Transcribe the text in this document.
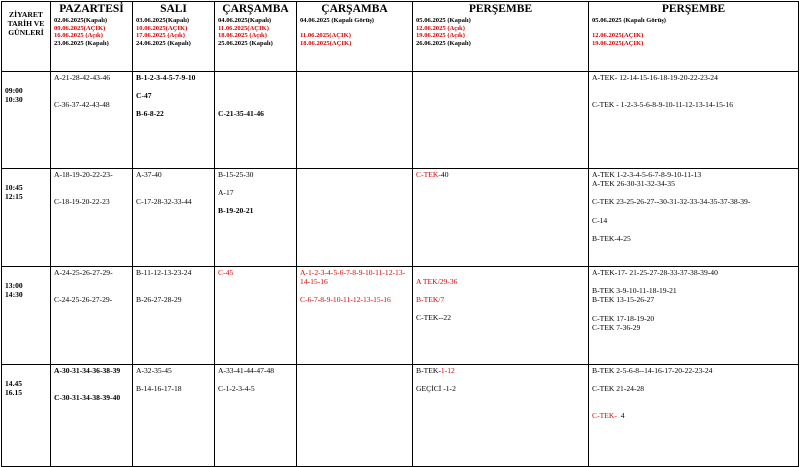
ZİYARET TARİH VE GÜNLERİ	PAZARTESİ
02.06.2025(Kapalı)
09.06.2025(AÇIK)
16.06.2025 (Açık)
23.06.2025 (Kapalı)	SALI
03.06.2025(Kapalı)
10.06.2025(AÇIK)
17.06.2025 (Açık)
24.06.2025 (Kapalı)	ÇARŞAMBA
04.06.2025(Kapalı)
11.06.2025(AÇIK)
18.06.2025 (Açık)
25.06.2025 (Kapalı)	ÇARŞAMBA
04.06.2025 (Kapalı Görüş)

11.06.2025(AÇIK)
18.06.2025(AÇIK)	PERŞEMBE
05.06.2025 (Kapalı)
12.06.2025 (Açık)
19.06.2025 (Açık)
26.06.2025 (Kapalı)	PERŞEMBE
05.06.2025 (Kapalı Görüş)

12.06.2025(AÇIK)
19.06.2025(AÇIK)

09:00
10:30	A-21-28-42-43-46
C-36-37-42-43-48	B-1-2-3-4-5-7-9-10
C-47
B-6-8-22	C-21-35-41-46			A-TEK- 12-14-15-16-18-19-20-22-23-24
C-TEK - 1-2-3-5-6-8-9-10-11-12-13-14-15-16

10:45
12:15	A-18-19-20-22-23-
C-18-19-20-22-23	A-37-40
C-17-28-32-33-44	B-15-25-30
A-17
B-19-20-21		C-TEK-40	A-TEK 1-2-3-4-5-6-7-8-9-10-11-13
A-TEK 26-30-31-32-34-35
C-TEK 23-25-26-27--30-31-32-33-34-35-37-38-39-
C-14
B-TEK-4-25

13:00
14:30	A-24-25-26-27-29-
C-24-25-26-27-29-	B-11-12-13-23-24
B-26-27-28-29	C-45	A-1-2-3-4-5-6-7-8-9-10-11-12-13-14-15-16
C-6-7-8-9-10-11-12-13-15-16	A TEK/29-36
B-TEK/7
C-TEK--22	A-TEK-17- 21-25-27-28-33-37-38-39-40
B-TEK 3-9-10-11-18-19-21
B-TEK 13-15-26-27
C-TEK 17-18-19-20
C-TEK 7-36-29

14.45
16.15	A-30-31-34-36-38-39
C-30-31-34-38-39-40	A-32-35-45
B-14-16-17-18	A-33-41-44-47-48
C-1-2-3-4-5		B-TEK-1-12
GEÇİCİ -1-2	B-TEK 2-5-6-8--14-16-17-20-22-23-24
C-TEK 21-24-28
C-TEK-  4
